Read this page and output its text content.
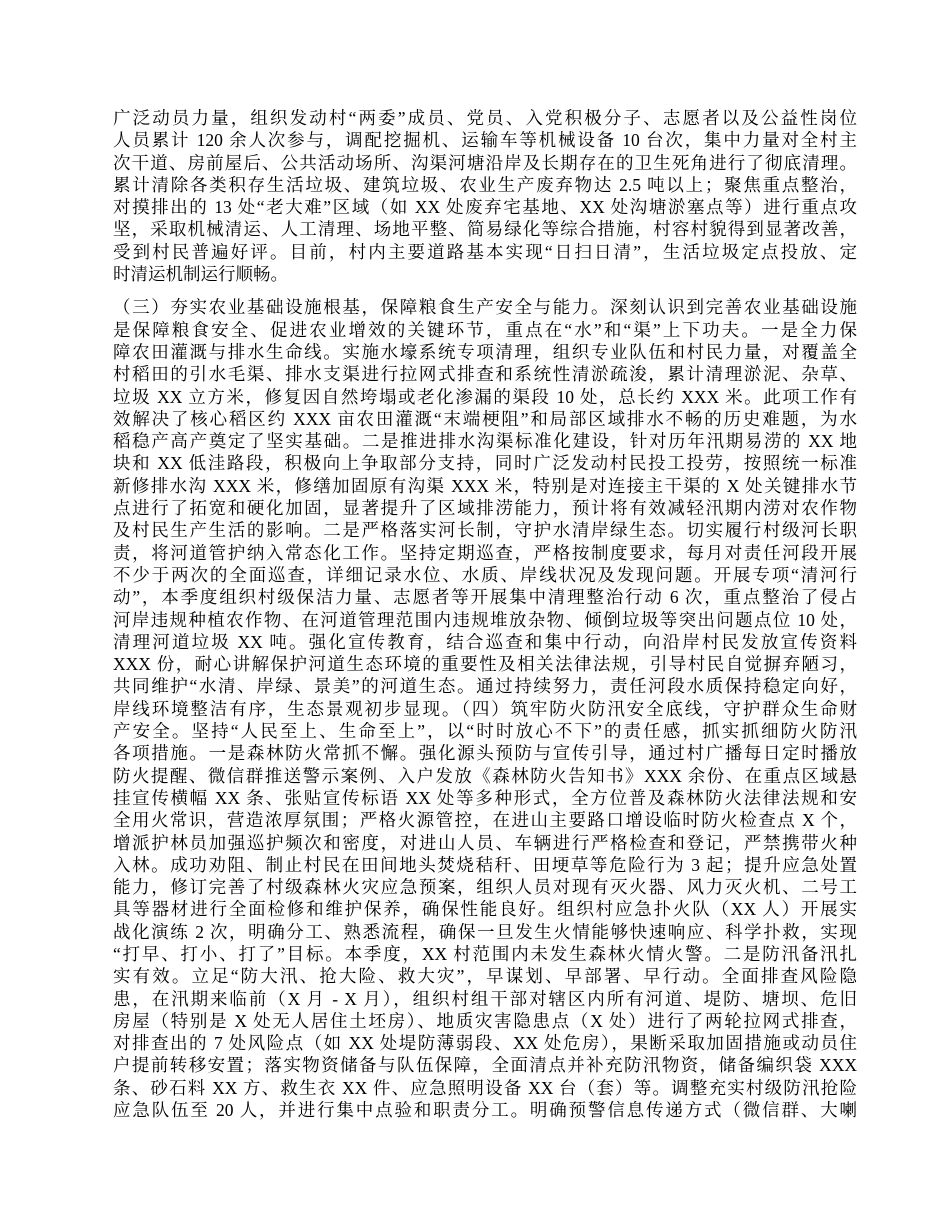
广泛动员力量，组织发动村“两委”成员、党员、入党积极分子、志愿者以及公益性岗位
人员累计 120 余人次参与，调配挖掘机、运输车等机械设备 10 台次，集中力量对全村主
次干道、房前屋后、公共活动场所、沟渠河塘沿岸及长期存在的卫生死角进行了彻底清理。
累计清除各类积存生活垃圾、建筑垃圾、农业生产废弃物达 2.5 吨以上；聚焦重点整治，
对摸排出的 13 处“老大难”区域（如 XX 处废弃宅基地、XX 处沟塘淤塞点等）进行重点攻
坚，采取机械清运、人工清理、场地平整、简易绿化等综合措施，村容村貌得到显著改善，
受到村民普遍好评。目前，村内主要道路基本实现“日扫日清”，生活垃圾定点投放、定
时清运机制运行顺畅。
（三）夯实农业基础设施根基，保障粮食生产安全与能力。深刻认识到完善农业基础设施
是保障粮食安全、促进农业增效的关键环节，重点在“水”和“渠”上下功夫。一是全力保
障农田灌溉与排水生命线。实施水壕系统专项清理，组织专业队伍和村民力量，对覆盖全
村稻田的引水毛渠、排水支渠进行拉网式排查和系统性清淤疏浚，累计清理淤泥、杂草、
垃圾 XX 立方米，修复因自然垮塌或老化渗漏的渠段 10 处，总长约 XXX 米。此项工作有
效解决了核心稻区约 XXX 亩农田灌溉“末端梗阻”和局部区域排水不畅的历史难题，为水
稻稳产高产奠定了坚实基础。二是推进排水沟渠标准化建设，针对历年汛期易涝的 XX 地
块和 XX 低洼路段，积极向上争取部分支持，同时广泛发动村民投工投劳，按照统一标准
新修排水沟 XXX 米，修缮加固原有沟渠 XXX 米，特别是对连接主干渠的 X 处关键排水节
点进行了拓宽和硬化加固，显著提升了区域排涝能力，预计将有效减轻汛期内涝对农作物
及村民生产生活的影响。二是严格落实河长制，守护水清岸绿生态。切实履行村级河长职
责，将河道管护纳入常态化工作。坚持定期巡查，严格按制度要求，每月对责任河段开展
不少于两次的全面巡查，详细记录水位、水质、岸线状况及发现问题。开展专项“清河行
动”，本季度组织村级保洁力量、志愿者等开展集中清理整治行动 6 次，重点整治了侵占
河岸违规种植农作物、在河道管理范围内违规堆放杂物、倾倒垃圾等突出问题点位 10 处，
清理河道垃圾 XX 吨。强化宣传教育，结合巡查和集中行动，向沿岸村民发放宣传资料
XXX 份，耐心讲解保护河道生态环境的重要性及相关法律法规，引导村民自觉摒弃陋习，
共同维护“水清、岸绿、景美”的河道生态。通过持续努力，责任河段水质保持稳定向好，
岸线环境整洁有序，生态景观初步显现。（四）筑牢防火防汛安全底线，守护群众生命财
产安全。坚持“人民至上、生命至上”，以“时时放心不下”的责任感，抓实抓细防火防汛
各项措施。一是森林防火常抓不懈。强化源头预防与宣传引导，通过村广播每日定时播放
防火提醒、微信群推送警示案例、入户发放《森林防火告知书》XXX 余份、在重点区域悬
挂宣传横幅 XX 条、张贴宣传标语 XX 处等多种形式，全方位普及森林防火法律法规和安
全用火常识，营造浓厚氛围；严格火源管控，在进山主要路口增设临时防火检查点 X 个，
增派护林员加强巡护频次和密度，对进山人员、车辆进行严格检查和登记，严禁携带火种
入林。成功劝阻、制止村民在田间地头焚烧秸秆、田埂草等危险行为 3 起；提升应急处置
能力，修订完善了村级森林火灾应急预案，组织人员对现有灭火器、风力灭火机、二号工
具等器材进行全面检修和维护保养，确保性能良好。组织村应急扑火队（XX 人）开展实
战化演练 2 次，明确分工、熟悉流程，确保一旦发生火情能够快速响应、科学扑救，实现
“打早、打小、打了”目标。本季度，XX 村范围内未发生森林火情火警。二是防汛备汛扎
实有效。立足“防大汛、抢大险、救大灾”，早谋划、早部署、早行动。全面排查风险隐
患，在汛期来临前（X 月 - X 月），组织村组干部对辖区内所有河道、堤防、塘坝、危旧
房屋（特别是 X 处无人居住土坯房）、地质灾害隐患点（X 处）进行了两轮拉网式排查，
对排查出的 7 处风险点（如 XX 处堤防薄弱段、XX 处危房），果断采取加固措施或动员住
户提前转移安置；落实物资储备与队伍保障，全面清点并补充防汛物资，储备编织袋 XXX
条、砂石料 XX 方、救生衣 XX 件、应急照明设备 XX 台（套）等。调整充实村级防汛抢险
应急队伍至 20 人，并进行集中点验和职责分工。明确预警信息传递方式（微信群、大喇
